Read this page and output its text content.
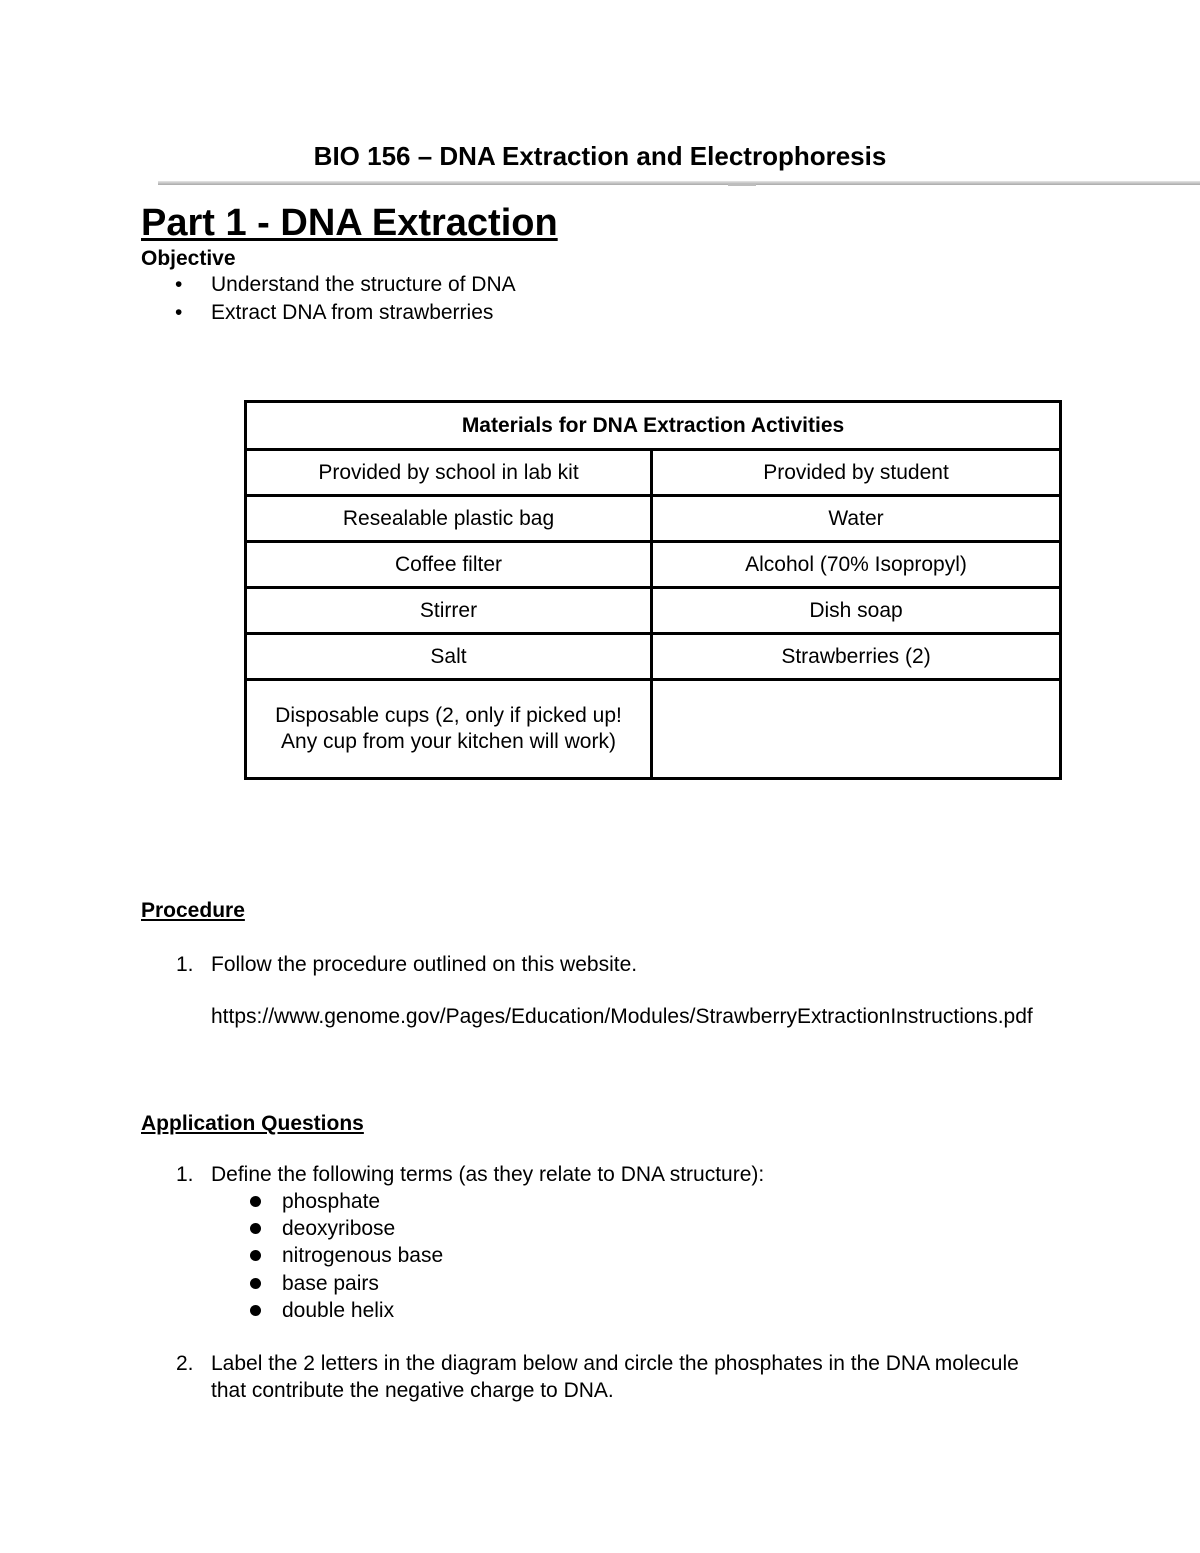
BIO 156 – DNA Extraction and Electrophoresis
Part 1 - DNA Extraction
Objective
• Understand the structure of DNA
• Extract DNA from strawberries
Materials for DNA Extraction Activities	
Provided by school in lab kit	Provided by student
Resealable plastic bag	Water
Coffee filter	Alcohol (70% Isopropyl)
Stirrer	Dish soap
Salt	Strawberries (2)
Disposable cups (2, only if picked up! Any cup from your kitchen will work)	
Procedure
1. Follow the procedure outlined on this website.
https://www.genome.gov/Pages/Education/Modules/StrawberryExtractionInstructions.pdf
Application Questions
1. Define the following terms (as they relate to DNA structure):
phosphate
deoxyribose
nitrogenous base
base pairs
double helix
2. Label the 2 letters in the diagram below and circle the phosphates in the DNA molecule that contribute the negative charge to DNA.
